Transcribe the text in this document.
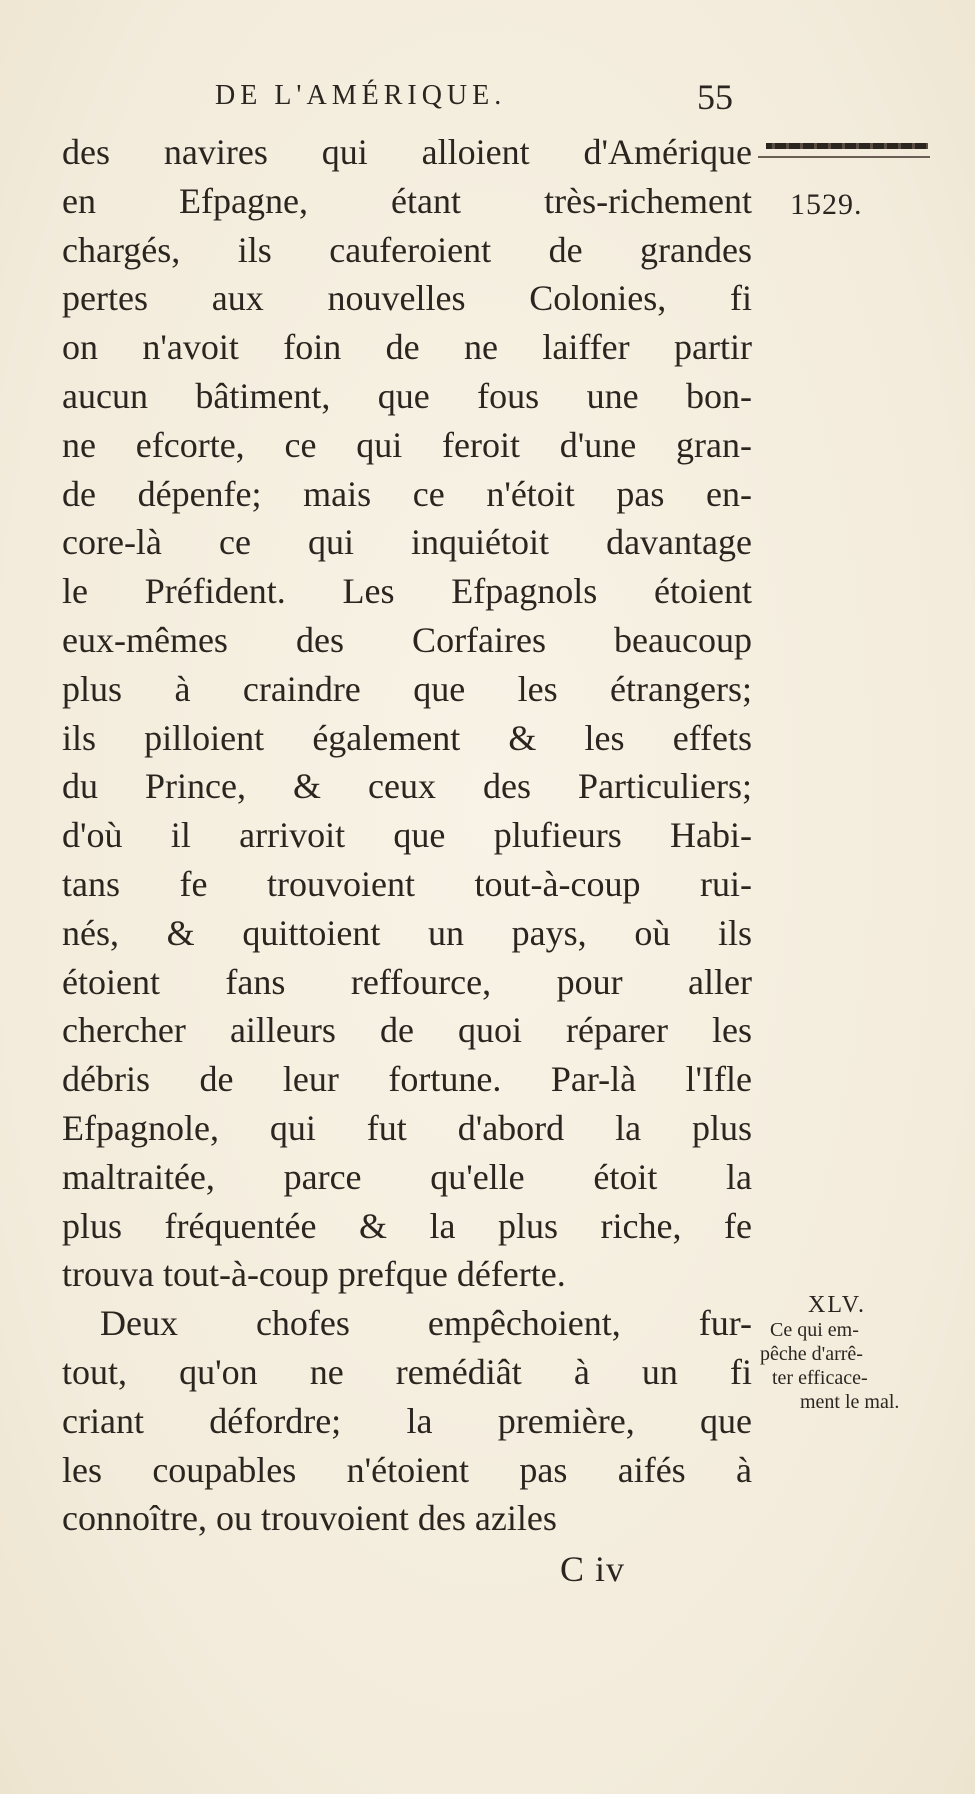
DE L'AMÉRIQUE.	55
1529.
des navires qui alloient d'Amérique
en Efpagne, étant très-richement
chargés, ils cauferoient de grandes
pertes aux nouvelles Colonies, fi
on n'avoit foin de ne laiffer partir
aucun bâtiment, que fous une bon-
ne efcorte, ce qui feroit d'une gran-
de dépenfe; mais ce n'étoit pas en-
core-là ce qui inquiétoit davantage
le Préfident. Les Efpagnols étoient
eux-mêmes des Corfaires beaucoup
plus à craindre que les étrangers;
ils pilloient également & les effets
du Prince, & ceux des Particuliers;
d'où il arrivoit que plufieurs Habi-
tans fe trouvoient tout-à-coup rui-
nés, & quittoient un pays, où ils
étoient fans reffource, pour aller
chercher ailleurs de quoi réparer les
débris de leur fortune. Par-là l'Ifle
Efpagnole, qui fut d'abord la plus
maltraitée, parce qu'elle étoit la
plus fréquentée & la plus riche, fe
trouva tout-à-coup prefque déferte.
Deux chofes empêchoient, fur-
tout, qu'on ne remédiât à un fi
criant défordre; la première, que
les coupables n'étoient pas aifés à
connoître, ou trouvoient des aziles
XLV.
Ce qui em-
pêche d'arrê-
ter efficace-
ment le mal.
C iv
